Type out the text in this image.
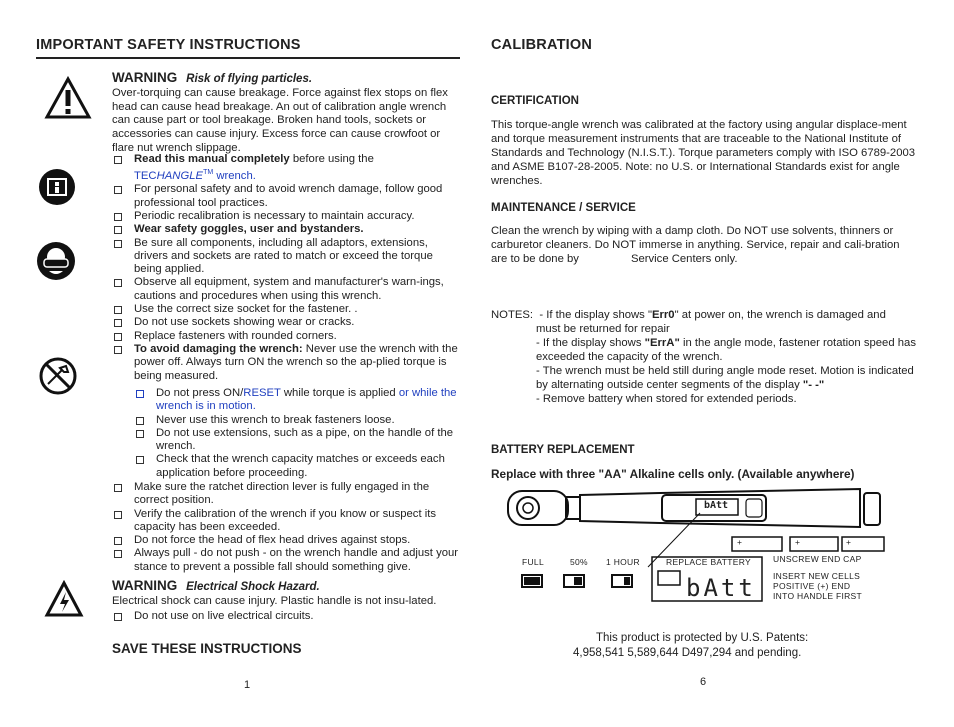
IMPORTANT SAFETY INSTRUCTIONS
WARNING Risk of flying particles.
Over-torquing can cause breakage. Force against flex stops on flex head can cause head breakage. An out of calibration angle wrench can cause part or tool breakage. Broken hand tools, sockets or accessories can cause injury. Excess force can cause crowfoot or flare nut wrench slippage.
Read this manual completely before using the
TECHANGLE™ wrench.
For personal safety and to avoid wrench damage, follow good professional tool practices.
Periodic recalibration is necessary to maintain accuracy.
Wear safety goggles, user and bystanders.
Be sure all components, including all adaptors, extensions, drivers and sockets are rated to match or exceed the torque being applied.
Observe all equipment, system and manufacturer's warn-ings, cautions and procedures when using this wrench.
Use the correct size socket for the fastener. .
Do not use sockets showing wear or cracks.
Replace fasteners with rounded corners.
To avoid damaging the wrench: Never use the wrench with the power off. Always turn ON the wrench so the ap-plied torque is being measured.
Do not press ON/RESET while torque is applied or while the wrench is in motion.
Never use this wrench to break fasteners loose.
Do not use extensions, such as a pipe, on the handle of the wrench.
Check that the wrench capacity matches or exceeds each application before proceeding.
Make sure the ratchet direction lever is fully engaged in the correct position.
Verify the calibration of the wrench if you know or suspect its capacity has been exceeded.
Do not force the head of flex head drives against stops.
Always pull - do not push - on the wrench handle and adjust your stance to prevent a possible fall should something give.
WARNING Electrical Shock Hazard.
Electrical shock can cause injury. Plastic handle is not insu-lated.
Do not use on live electrical circuits.
SAVE THESE INSTRUCTIONS
1
CALIBRATION
CERTIFICATION
This torque-angle wrench was calibrated at the factory using angular displace-ment and torque measurement instruments that are traceable to the National Institute of Standards and Technology (N.I.S.T.). Torque parameters comply with ISO 6789-2003 and ASME B107-28-2005. Note: no U.S. or International Standards exist for angle wrenches.
MAINTENANCE / SERVICE
Clean the wrench by wiping with a damp cloth. Do NOT use solvents, thinners or carburetor cleaners. Do NOT immerse in anything. Service, repair and cali-bration are to be done by	Service Centers only.
NOTES: - If the display shows "Err0" at power on, the wrench is damaged and
must be returned for repair
- If the display shows "ErrA" in the angle mode, fastener rotation speed has exceeded the capacity of the wrench.
- The wrench must be held still during angle mode reset. Motion is indicated by alternating outside center segments of the display "- -"
- Remove battery when stored for extended periods.
BATTERY REPLACEMENT
Replace with three "AA" Alkaline cells only. (Available anywhere)
bAtt
+	+	+
FULL	50% 1 HOUR	REPLACE BATTERY	UNSCREW END CAP
INSERT NEW CELLS
POSITIVE (+) END
INTO HANDLE FIRST
bAtt
This product is protected by U.S. Patents:
4,958,541 5,589,644 D497,294 and pending.
6
